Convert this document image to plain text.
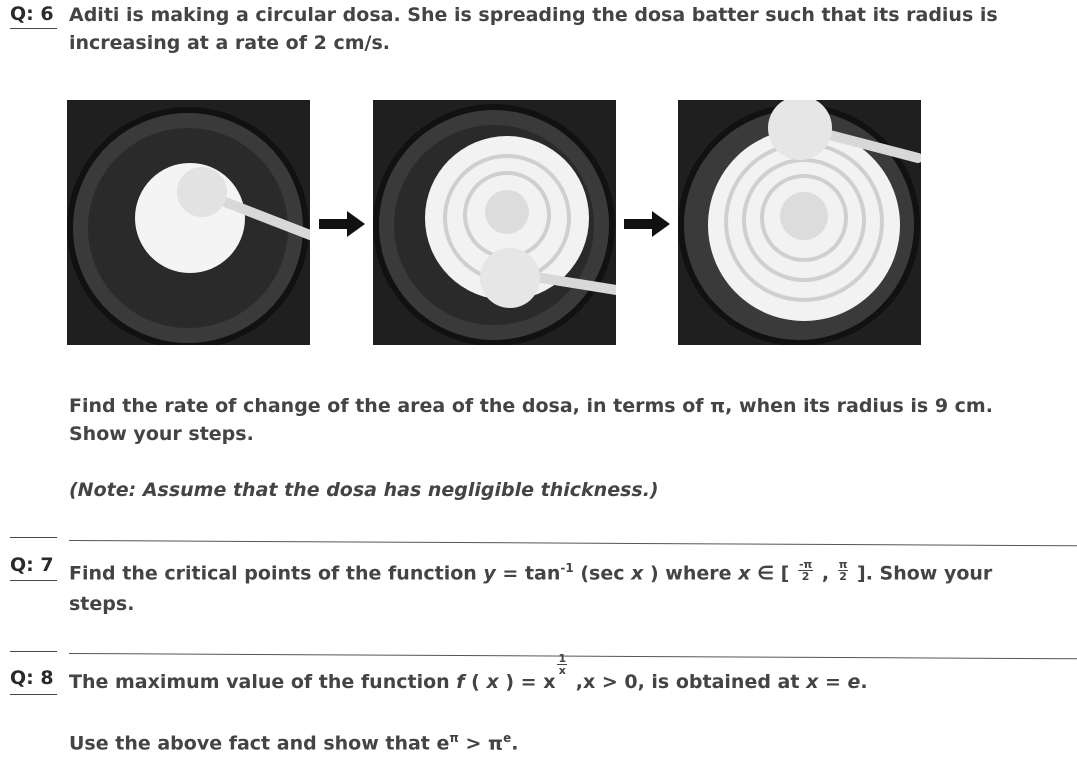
Q: 6 Aditi is making a circular dosa. She is spreading the dosa batter such that its radius is
increasing at a rate of 2 cm/s.
Find the rate of change of the area of the dosa, in terms of π, when its radius is 9 cm.
Show your steps.
(Note: Assume that the dosa has negligible thickness.)
Q: 7 Find the critical points of the function $y = \tan^{-1} (\sec$ x ) where x ∈ [ $\frac{-\pi}{2}$ , $\frac{\pi}{2}$ ]. Show your
steps.
Q: 8 The maximum value of the function f ( x ) = x
$\frac{1}{x}$
,x > 0, is obtained at x = e.
Use the above fact and show that $e^\pi > \pi^e$.
